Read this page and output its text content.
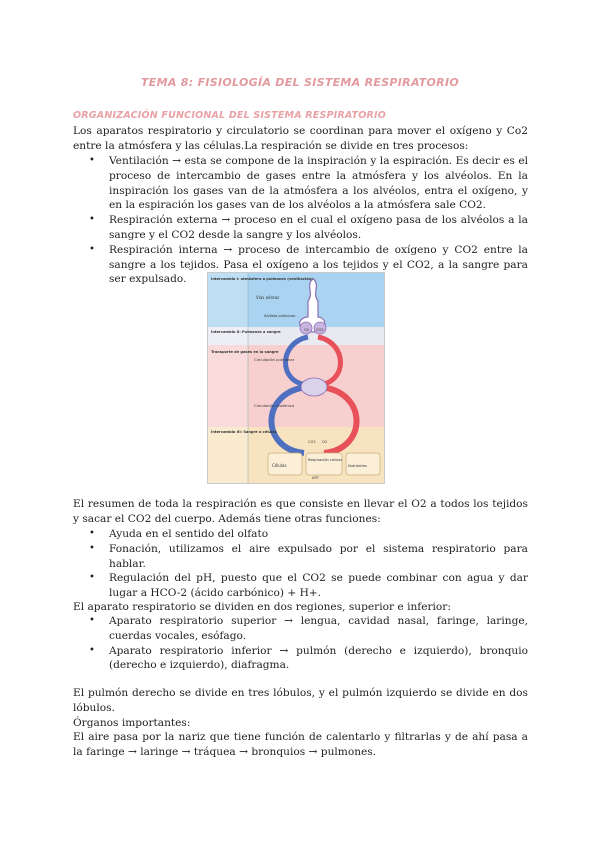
TEMA 8: FISIOLOGÍA DEL SISTEMA RESPIRATORIO
ORGANIZACIÓN FUNCIONAL DEL SISTEMA RESPIRATORIO
Los aparatos respiratorio y circulatorio se coordinan para mover el oxígeno y Co2 entre la atmósfera y las células.La respiración se divide en tres procesos:
• Ventilación → esta se compone de la inspiración y la espiración. Es decir es el proceso de intercambio de gases entre la atmósfera y los alvéolos. En la inspiración los gases van de la atmósfera a los alvéolos, entra el oxígeno, y en la espiración los gases van de los alvéolos a la atmósfera sale CO2.
• Respiración externa → proceso en el cual el oxígeno pasa de los alvéolos a la sangre y el CO2 desde la sangre y los alvéolos.
• Respiración interna → proceso de intercambio de oxígeno y CO2 entre la sangre a los tejidos. Pasa el oxígeno a los tejidos y el CO2, a la sangre para ser expulsado.	Intercambio I: atmósfera a pulmones (ventilación)
Intercambio II: Pulmones a sangre
Transporte de gases en la sangre
Intercambio III: Sangre a células
Vías aéreas
Alvéolo pulmonar
Circulación pulmonar
Circulación sistémica
Células
Respiración celular
Nutrientes
ATP
O2 CO2
CO2 O2
El resumen de toda la respiración es que consiste en llevar el O2 a todos los tejidos y sacar el CO2 del cuerpo. Además tiene otras funciones:
• Ayuda en el sentido del olfato
• Fonación, utilizamos el aire expulsado por el sistema respiratorio para hablar.
• Regulación del pH, puesto que el CO2 se puede combinar con agua y dar lugar a HCO-2 (ácido carbónico) + H+.
El aparato respiratorio se dividen en dos regiones, superior e inferior:
• Aparato respiratorio superior → lengua, cavidad nasal, faringe, laringe, cuerdas vocales, esófago.
• Aparato respiratorio inferior → pulmón (derecho e izquierdo), bronquio (derecho e izquierdo), diafragma.
El pulmón derecho se divide en tres lóbulos, y el pulmón izquierdo se divide en dos lóbulos.
Órganos importantes:
El aire pasa por la nariz que tiene función de calentarlo y filtrarlas y de ahí pasa a la faringe → laringe → tráquea → bronquios → pulmones.
